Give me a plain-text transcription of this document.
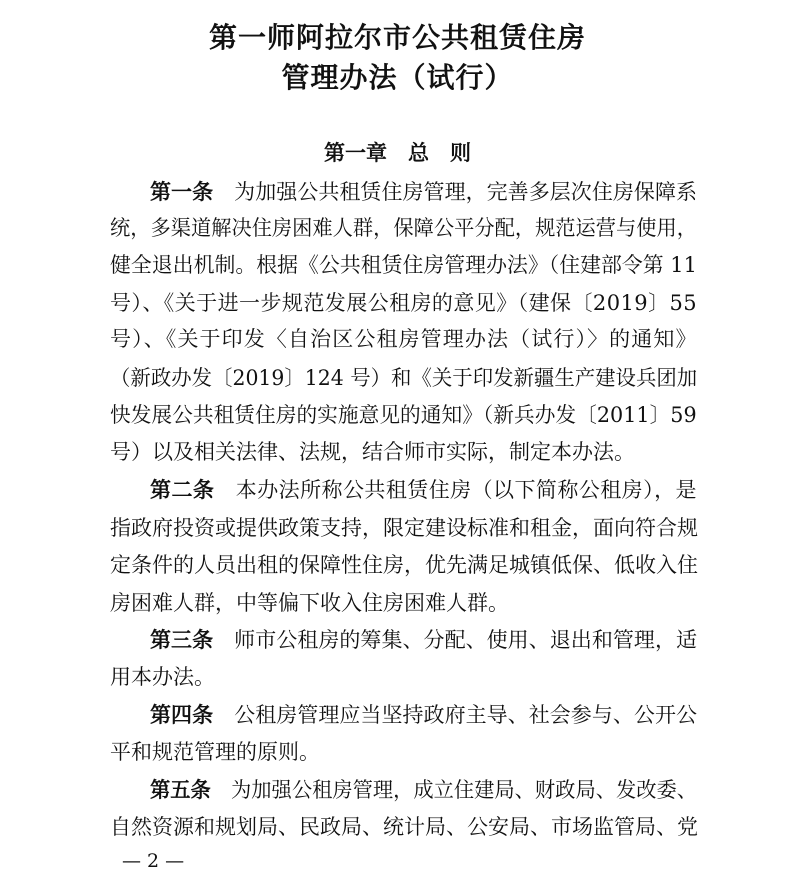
第一师阿拉尔市公共租赁住房
管理办法（试行）
第一章　总　则
第一条　为加强公共租赁住房管理，完善多层次住房保障系
统，多渠道解决住房困难人群，保障公平分配，规范运营与使用，
健全退出机制。根据《公共租赁住房管理办法》（住建部令第 11
号）、《关于进一步规范发展公租房的意见》（建保〔2019〕55
号）、《关于印发〈自治区公租房管理办法（试行）〉的通知》
（新政办发〔2019〕124 号）和《关于印发新疆生产建设兵团加
快发展公共租赁住房的实施意见的通知》（新兵办发〔2011〕59
号）以及相关法律、法规，结合师市实际，制定本办法。
第二条　本办法所称公共租赁住房（以下简称公租房），是
指政府投资或提供政策支持，限定建设标准和租金，面向符合规
定条件的人员出租的保障性住房，优先满足城镇低保、低收入住
房困难人群，中等偏下收入住房困难人群。
第三条　师市公租房的筹集、分配、使用、退出和管理，适
用本办法。
第四条　公租房管理应当坚持政府主导、社会参与、公开公
平和规范管理的原则。
第五条　为加强公租房管理，成立住建局、财政局、发改委、
自然资源和规划局、民政局、统计局、公安局、市场监管局、党
— 2 —
